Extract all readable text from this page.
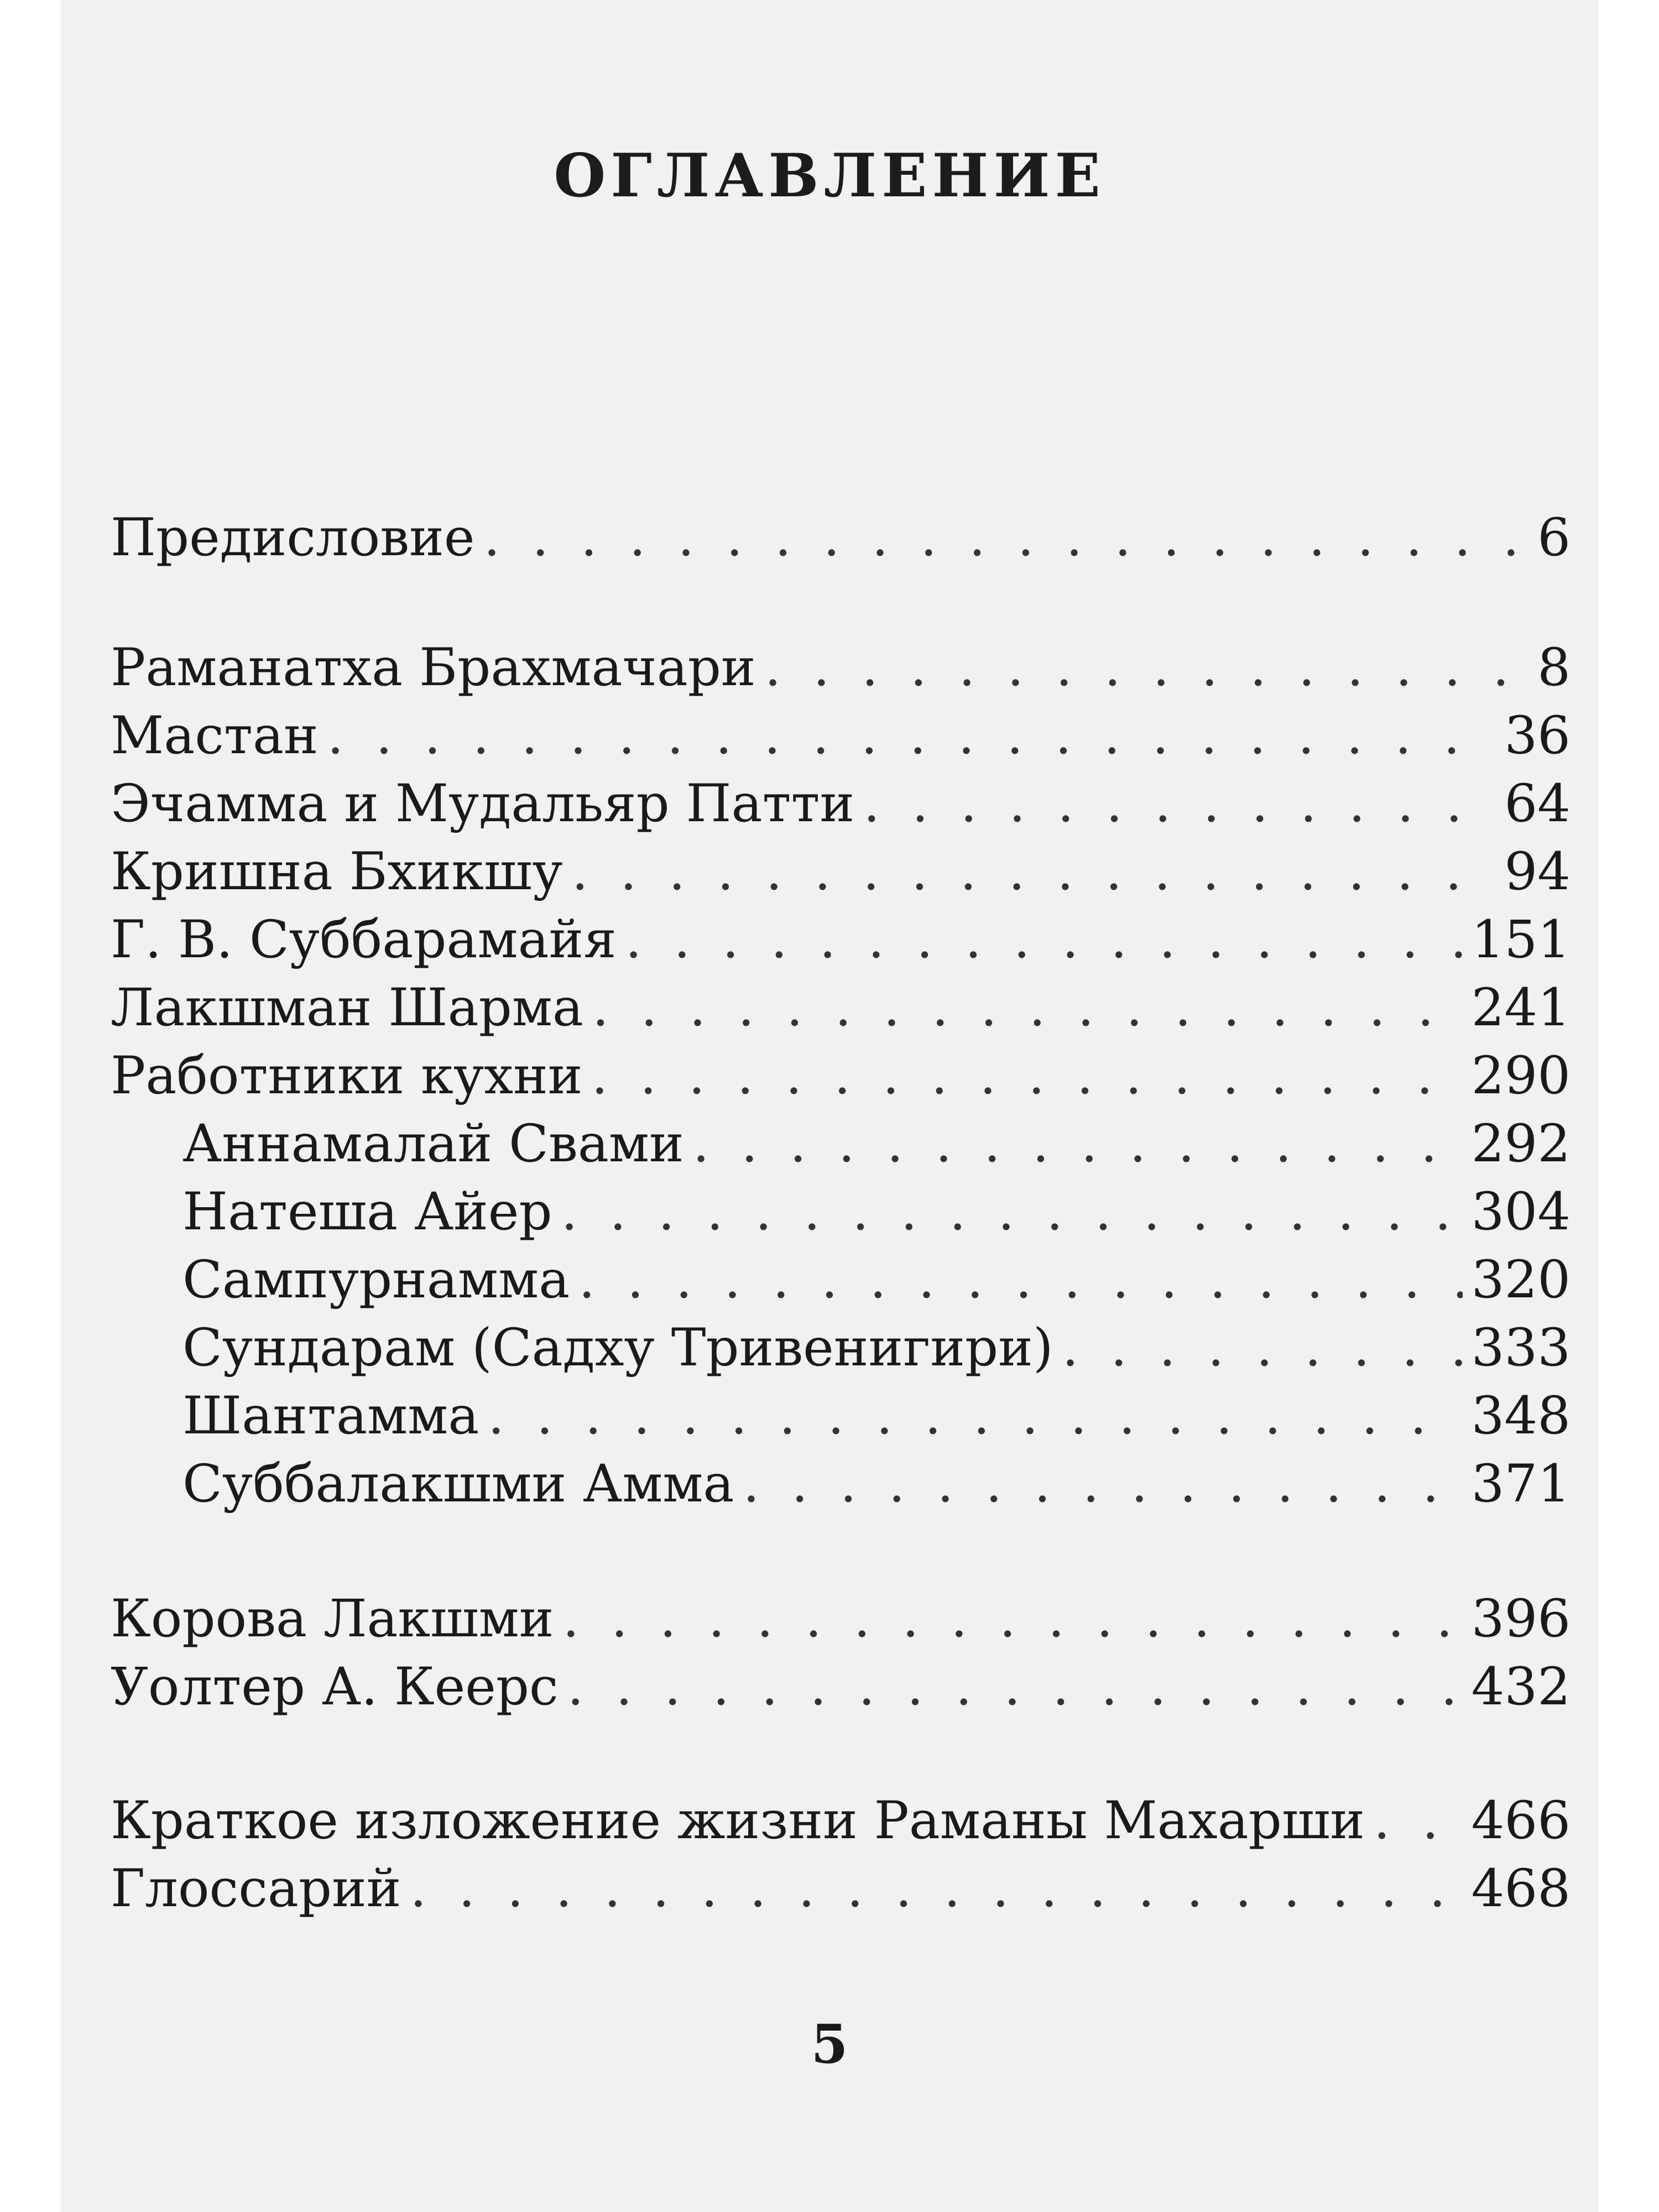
ОГЛАВЛЕНИЕ
Предисловие . . .	6
Раманатха Брахмачари . . .	8
Мастан . . .	36
Эчамма и Мудальяр Патти . . .	64
Кришна Бхикшу . . .	94
Г. В. Суббарамайя . . .	151
Лакшман Шарма . . .	241
Работники кухни . . .	290
Аннамалай Свами . . .	292
Натеша Айер . . .	304
Сампурнамма . . .	320
Сундарам (Садху Тривенигири) . . .	333
Шантамма . . .	348
Суббалакшми Амма . . .	371
Корова Лакшми . . .	396
Уолтер А. Кеерс . . .	432
Краткое изложение жизни Раманы Махарши . . . 466
Глоссарий . . .	468
5
